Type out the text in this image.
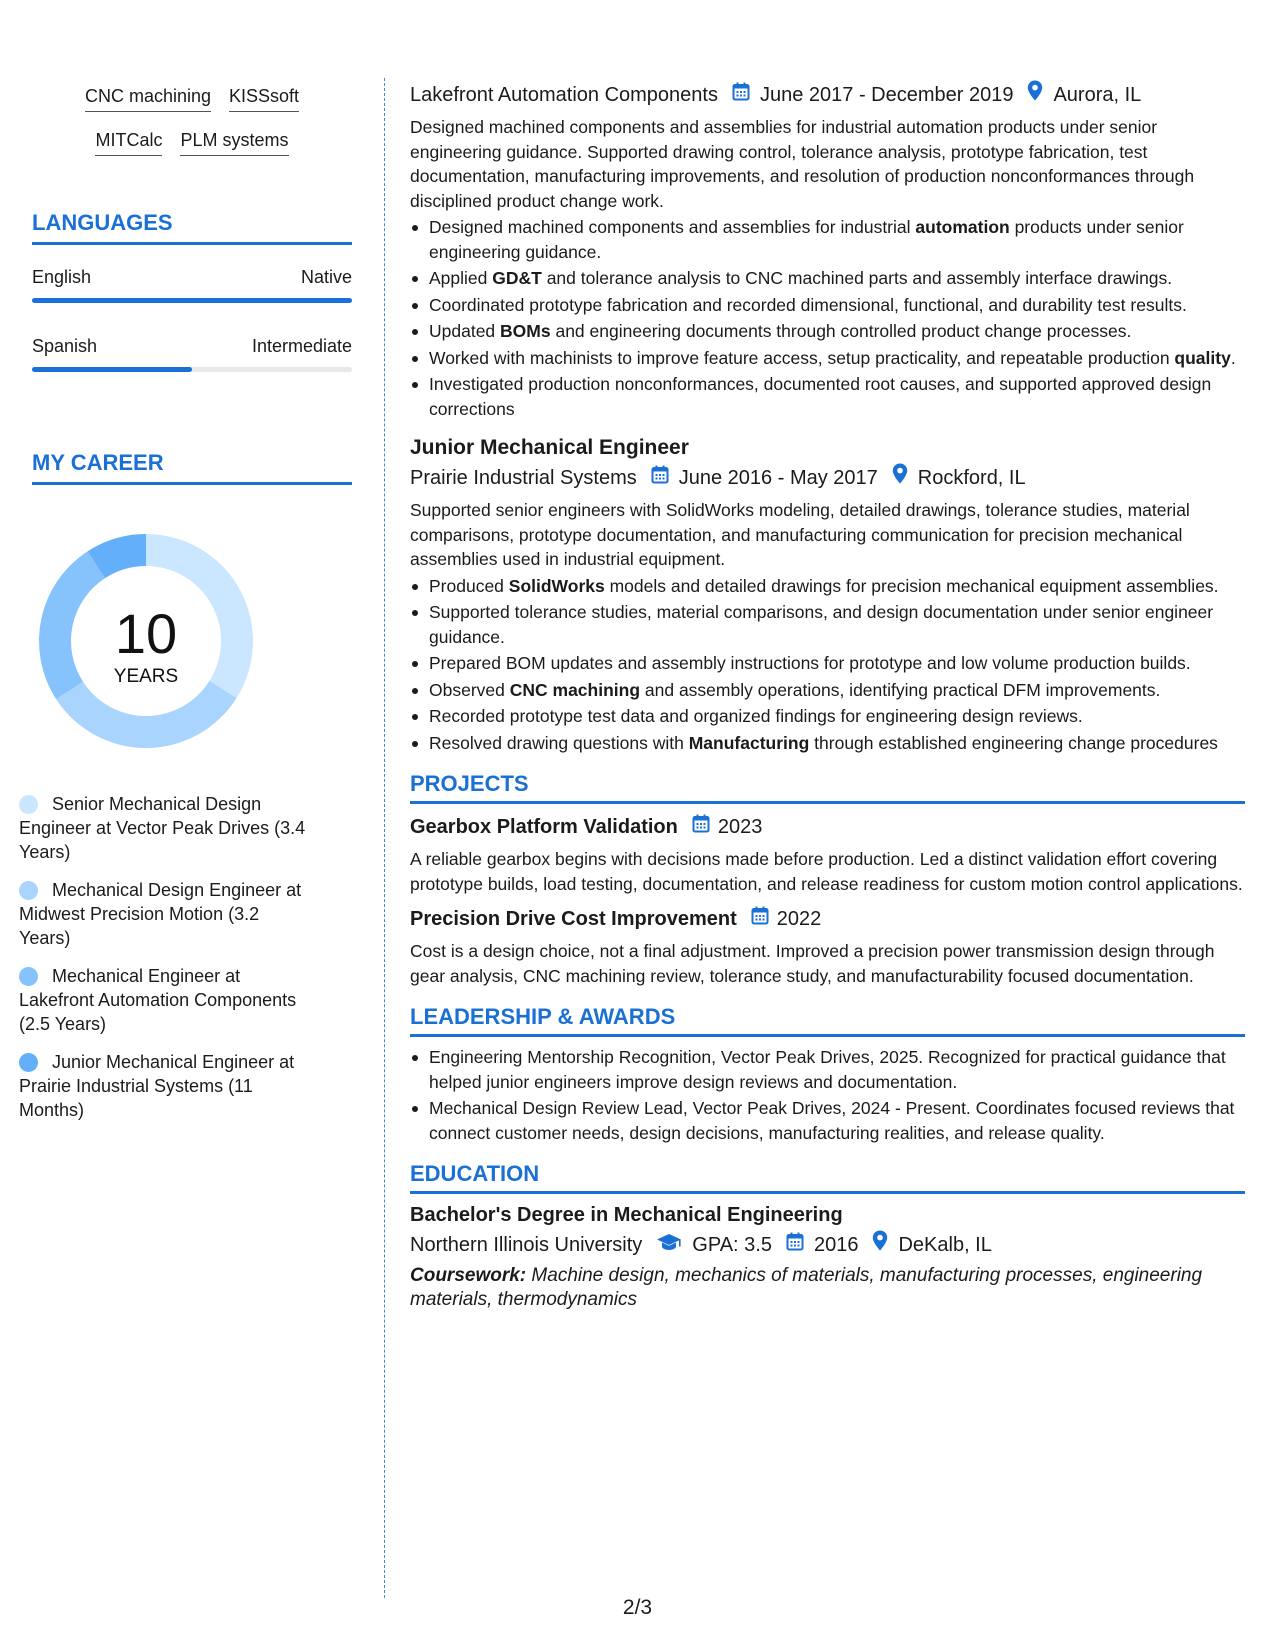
CNC machining KISSsoft
MITCalc PLM systems
LANGUAGES
English	Native
Spanish	Intermediate
MY CAREER
10
YEARS
Senior Mechanical Design Engineer at Vector Peak Drives (3.4 Years)
Mechanical Design Engineer at Midwest Precision Motion (3.2 Years)
Mechanical Engineer at Lakefront Automation Components (2.5 Years)
Junior Mechanical Engineer at Prairie Industrial Systems (11 Months)
Lakefront Automation Components June 2017 - December 2019 Aurora, IL
Designed machined components and assemblies for industrial automation products under senior engineering guidance. Supported drawing control, tolerance analysis, prototype fabrication, test documentation, manufacturing improvements, and resolution of production nonconformances through disciplined product change work.
Designed machined components and assemblies for industrial automation products under senior engineering guidance.
Applied GD&T and tolerance analysis to CNC machined parts and assembly interface drawings.
Coordinated prototype fabrication and recorded dimensional, functional, and durability test results.
Updated BOMs and engineering documents through controlled product change processes.
Worked with machinists to improve feature access, setup practicality, and repeatable production quality.
Investigated production nonconformances, documented root causes, and supported approved design corrections
Junior Mechanical Engineer
Prairie Industrial Systems June 2016 - May 2017 Rockford, IL
Supported senior engineers with SolidWorks modeling, detailed drawings, tolerance studies, material comparisons, prototype documentation, and manufacturing communication for precision mechanical assemblies used in industrial equipment.
Produced SolidWorks models and detailed drawings for precision mechanical equipment assemblies.
Supported tolerance studies, material comparisons, and design documentation under senior engineer guidance.
Prepared BOM updates and assembly instructions for prototype and low volume production builds.
Observed CNC machining and assembly operations, identifying practical DFM improvements.
Recorded prototype test data and organized findings for engineering design reviews.
Resolved drawing questions with Manufacturing through established engineering change procedures
PROJECTS
Gearbox Platform Validation 2023
A reliable gearbox begins with decisions made before production. Led a distinct validation effort covering prototype builds, load testing, documentation, and release readiness for custom motion control applications.
Precision Drive Cost Improvement 2022
Cost is a design choice, not a final adjustment. Improved a precision power transmission design through gear analysis, CNC machining review, tolerance study, and manufacturability focused documentation.
LEADERSHIP & AWARDS
Engineering Mentorship Recognition, Vector Peak Drives, 2025. Recognized for practical guidance that helped junior engineers improve design reviews and documentation.
Mechanical Design Review Lead, Vector Peak Drives, 2024 - Present. Coordinates focused reviews that connect customer needs, design decisions, manufacturing realities, and release quality.
EDUCATION
Bachelor's Degree in Mechanical Engineering
Northern Illinois University	GPA: 3.5 2016 DeKalb, IL
Coursework: Machine design, mechanics of materials, manufacturing processes, engineering materials, thermodynamics
2/3
